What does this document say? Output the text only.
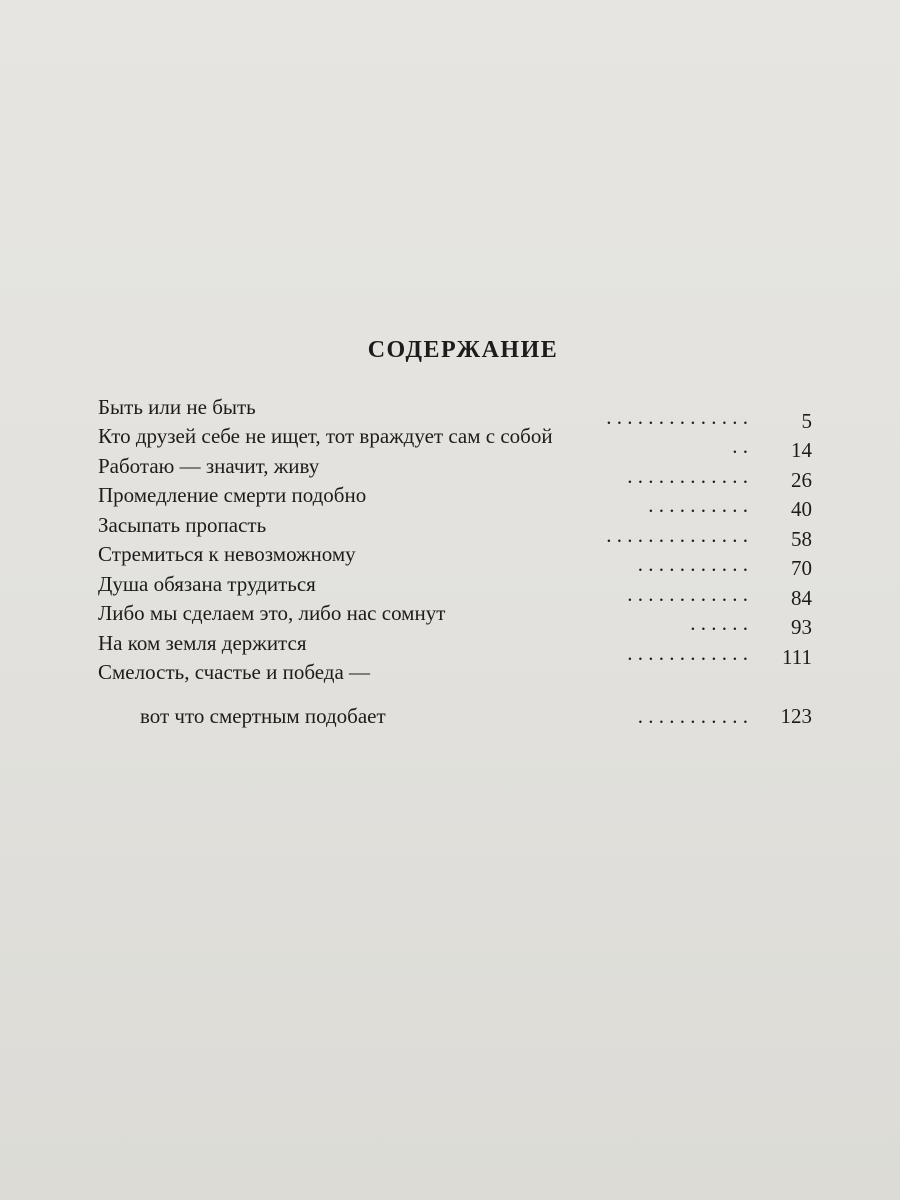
СОДЕРЖАНИЕ
Быть или не быть	. . . . . . . . . . . . . .	5
Кто друзей себе не ищет, тот враждует сам с собой	. . 14
Работаю — значит, живу	. . . . . . . . . . . . 26
Промедление смерти подобно	. . . . . . . . . . 40
Засыпать пропасть	. . . . . . . . . . . . . . 58
Стремиться к невозможному	. . . . . . . . . . . 70
Душа обязана трудиться	. . . . . . . . . . . . 84
Либо мы сделаем это, либо нас сомнут	. . . . . . 93
На ком земля держится	. . . . . . . . . . . . 111
Смелость, счастье и победа —
вот что смертным подобает	. . . . . . . . . . . 123
